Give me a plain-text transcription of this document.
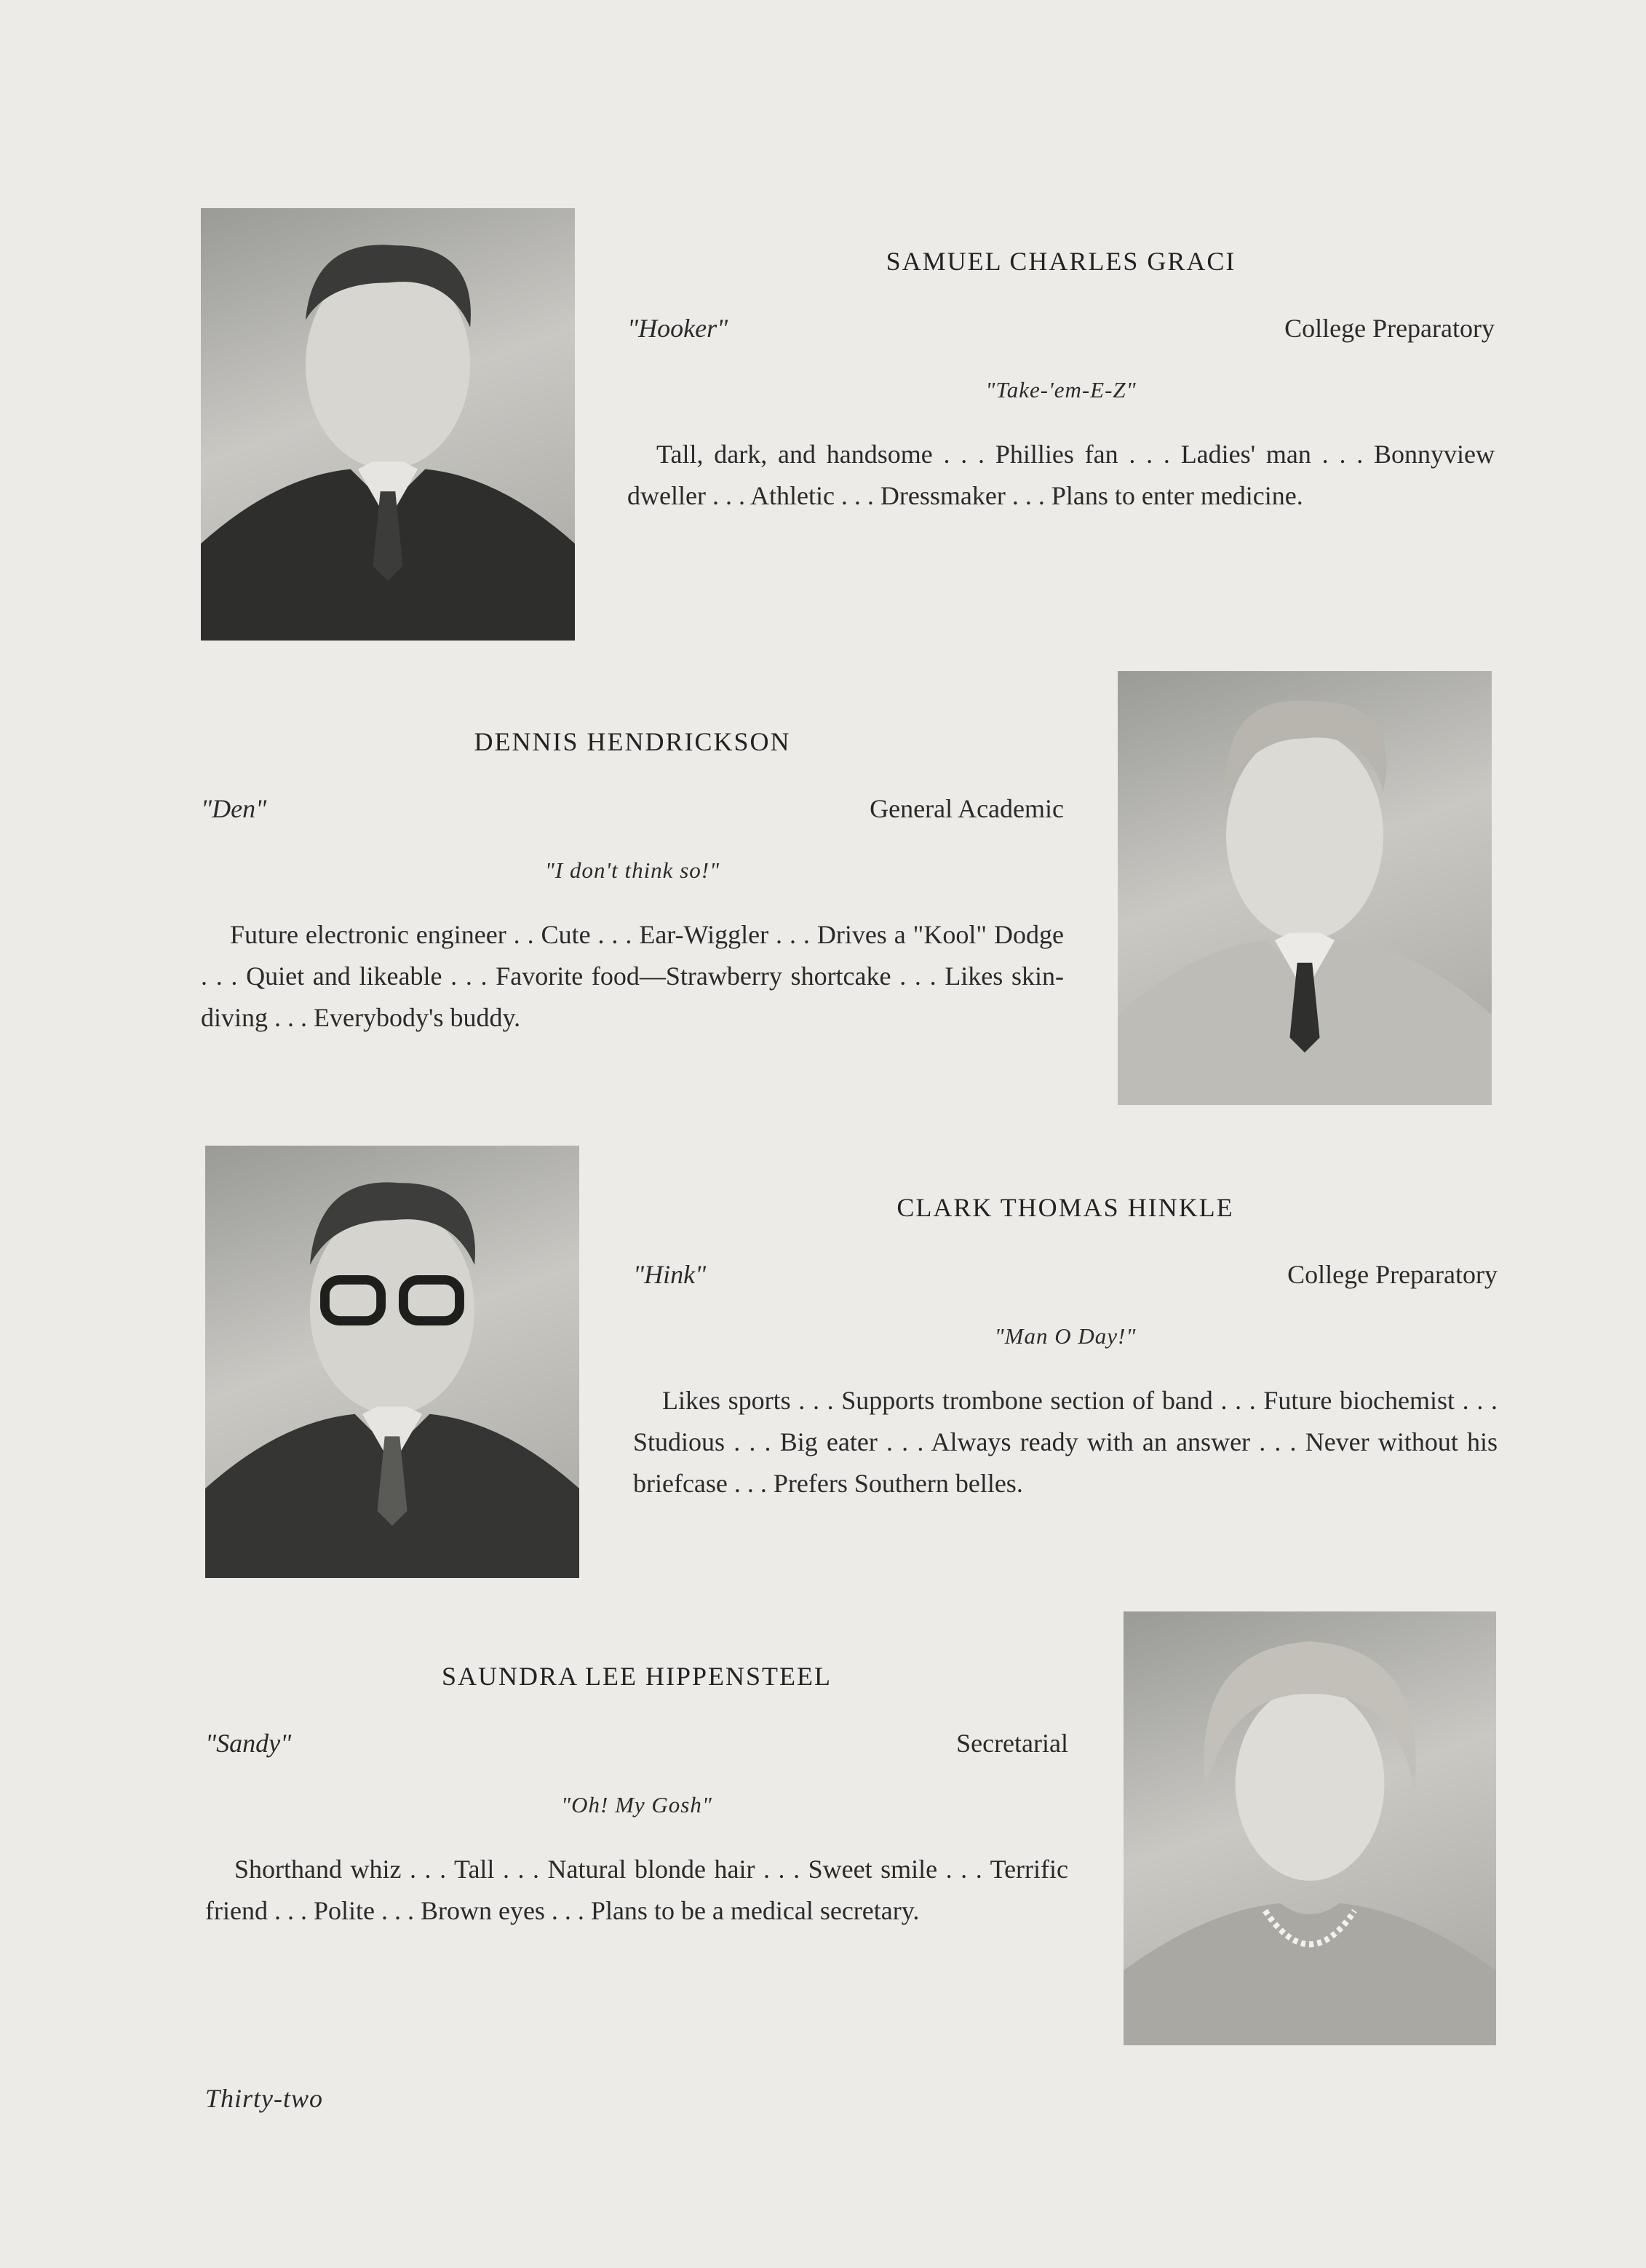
SAMUEL CHARLES GRACI
"Hooker"	College Preparatory
"Take-'em-E-Z"
Tall, dark, and handsome . . . Phillies fan . . . Ladies' man . . . Bonnyview dweller . . . Athletic . . . Dressmaker . . . Plans to enter medicine.
DENNIS HENDRICKSON
"Den"	General Academic
"I don't think so!"
Future electronic engineer . . Cute . . . Ear-Wiggler . . . Drives a "Kool" Dodge . . . Quiet and likeable . . . Favorite food—Strawberry shortcake . . . Likes skin-diving . . . Everybody's buddy.
CLARK THOMAS HINKLE
"Hink"	College Preparatory
"Man O Day!"
Likes sports . . . Supports trombone section of band . . . Future biochemist . . . Studious . . . Big eater . . . Always ready with an answer . . . Never without his briefcase . . . Prefers Southern belles.
SAUNDRA LEE HIPPENSTEEL
"Sandy"	Secretarial
"Oh! My Gosh"
Shorthand whiz . . . Tall . . . Natural blonde hair . . . Sweet smile . . . Terrific friend . . . Polite . . . Brown eyes . . . Plans to be a medical secretary.
Thirty-two
